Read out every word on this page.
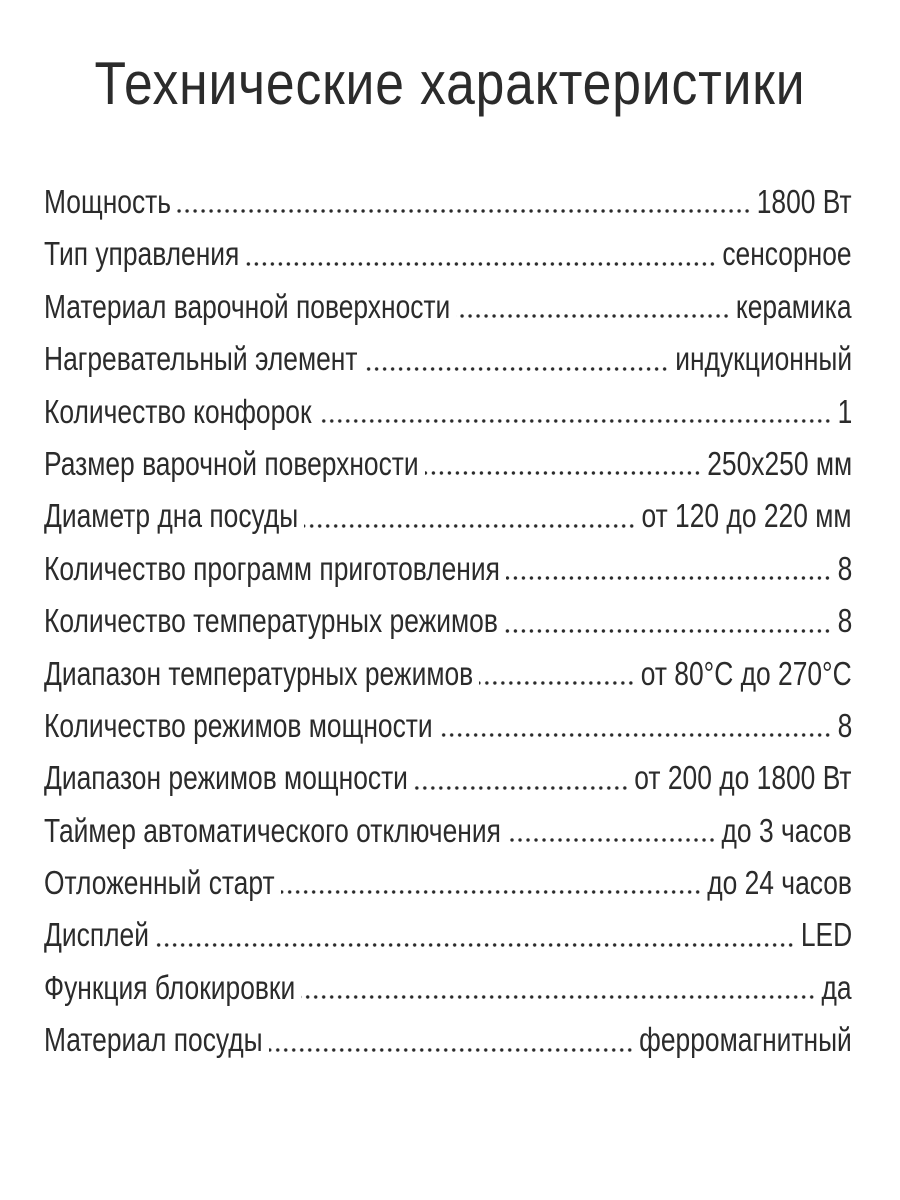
Технические характеристики
Мощность	1800 Вт
Тип управления	сенсорное
Материал варочной поверхности	керамика
Нагревательный элемент	индукционный
Количество конфорок	1
Размер варочной поверхности	250x250 мм
Диаметр дна посуды	от 120 до 220 мм
Количество программ приготовления	8
Количество температурных режимов	8
Диапазон температурных режимов	от 80°С до 270°С
Количество режимов мощности	8
Диапазон режимов мощности	от 200 до 1800 Вт
Таймер автоматического отключения	до 3 часов
Отложенный старт	до 24 часов
Дисплей	LED
Функция блокировки	да
Материал посуды	ферромагнитный
